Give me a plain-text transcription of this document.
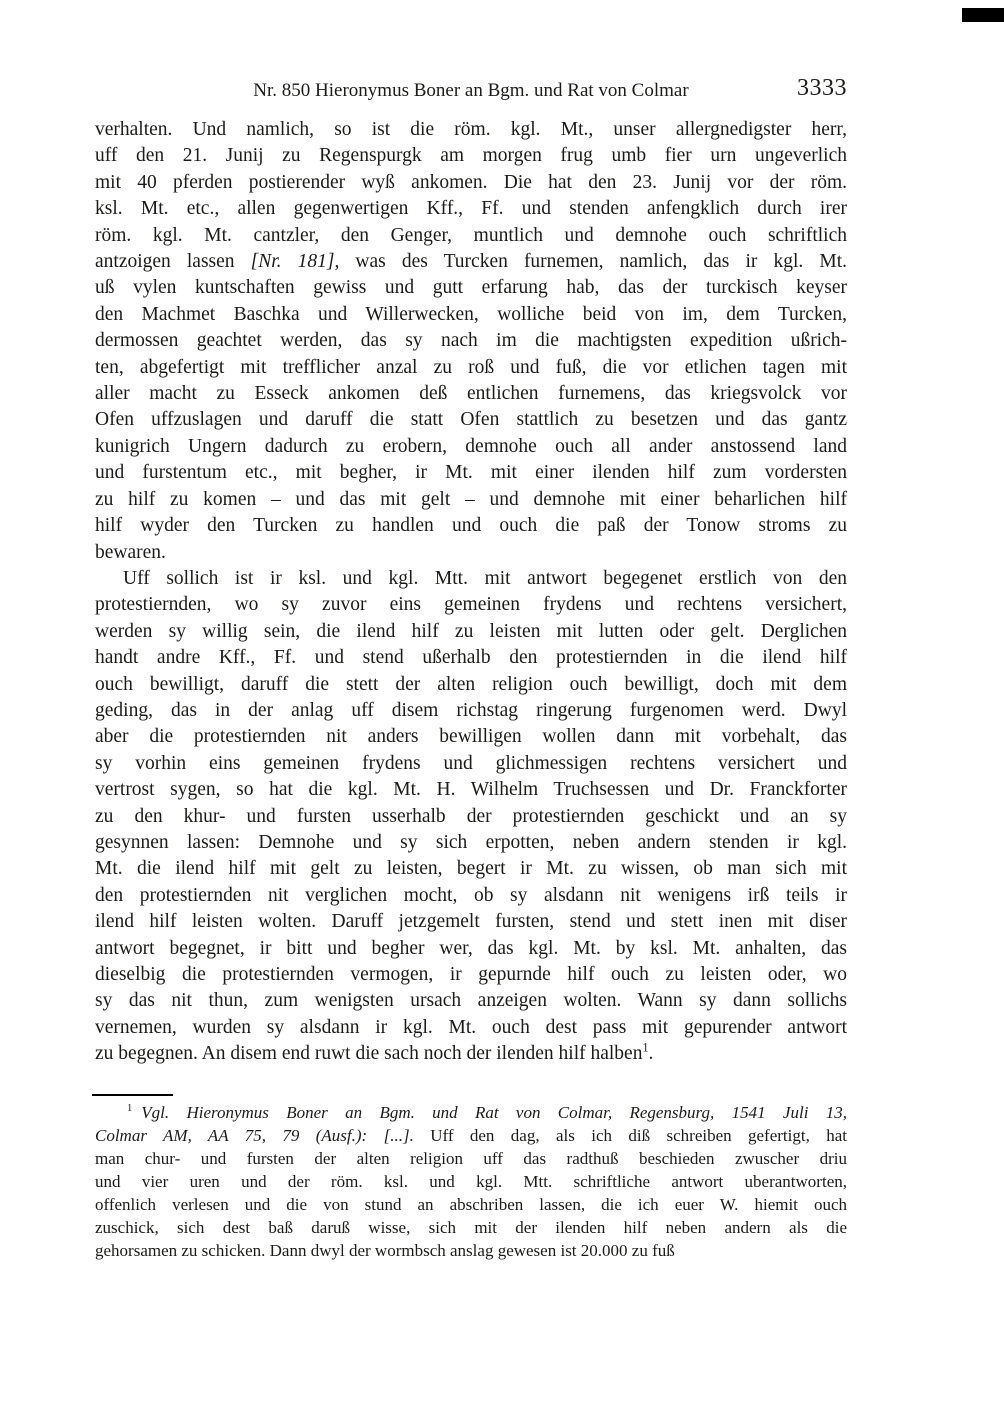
Nr. 850 Hieronymus Boner an Bgm. und Rat von Colmar	3333
verhalten. Und namlich, so ist die röm. kgl. Mt., unser allergnedigster herr,
uff den 21. Junij zu Regenspurgk am morgen frug umb fier urn ungeverlich
mit 40 pferden postierender wyß ankomen. Die hat den 23. Junij vor der röm.
ksl. Mt. etc., allen gegenwertigen Kff., Ff. und stenden anfengklich durch irer
röm. kgl. Mt. cantzler, den Genger, muntlich und demnohe ouch schriftlich
antzoigen lassen [Nr. 181], was des Turcken furnemen, namlich, das ir kgl. Mt.
uß vylen kuntschaften gewiss und gutt erfarung hab, das der turckisch keyser
den Machmet Baschka und Willerwecken, wolliche beid von im, dem Turcken,
dermossen geachtet werden, das sy nach im die machtigsten expedition ußrich-
ten, abgefertigt mit trefflicher anzal zu roß und fuß, die vor etlichen tagen mit
aller macht zu Esseck ankomen deß entlichen furnemens, das kriegsvolck vor
Ofen uffzuslagen und daruff die statt Ofen stattlich zu besetzen und das gantz
kunigrich Ungern dadurch zu erobern, demnohe ouch all ander anstossend land
und furstentum etc., mit begher, ir Mt. mit einer ilenden hilf zum vordersten
zu hilf zu komen – und das mit gelt – und demnohe mit einer beharlichen hilf
hilf wyder den Turcken zu handlen und ouch die paß der Tonow stroms zu
bewaren.
Uff sollich ist ir ksl. und kgl. Mtt. mit antwort begegenet erstlich von den
protestiernden, wo sy zuvor eins gemeinen frydens und rechtens versichert,
werden sy willig sein, die ilend hilf zu leisten mit lutten oder gelt. Derglichen
handt andre Kff., Ff. und stend ußerhalb den protestiernden in die ilend hilf
ouch bewilligt, daruff die stett der alten religion ouch bewilligt, doch mit dem
geding, das in der anlag uff disem richstag ringerung furgenomen werd. Dwyl
aber die protestiernden nit anders bewilligen wollen dann mit vorbehalt, das
sy vorhin eins gemeinen frydens und glichmessigen rechtens versichert und
vertrost sygen, so hat die kgl. Mt. H. Wilhelm Truchsessen und Dr. Franckforter
zu den khur- und fursten usserhalb der protestiernden geschickt und an sy
gesynnen lassen: Demnohe und sy sich erpotten, neben andern stenden ir kgl.
Mt. die ilend hilf mit gelt zu leisten, begert ir Mt. zu wissen, ob man sich mit
den protestiernden nit verglichen mocht, ob sy alsdann nit wenigens irß teils ir
ilend hilf leisten wolten. Daruff jetzgemelt fursten, stend und stett inen mit diser
antwort begegnet, ir bitt und begher wer, das kgl. Mt. by ksl. Mt. anhalten, das
dieselbig die protestiernden vermogen, ir gepurnde hilf ouch zu leisten oder, wo
sy das nit thun, zum wenigsten ursach anzeigen wolten. Wann sy dann sollichs
vernemen, wurden sy alsdann ir kgl. Mt. ouch dest pass mit gepurender antwort
zu begegnen. An disem end ruwt die sach noch der ilenden hilf halben$^1$.
$^1$ Vgl. Hieronymus Boner an Bgm. und Rat von Colmar, Regensburg, 1541 Juli 13,
Colmar AM, AA 75, 79 (Ausf.): [...]. Uff den dag, als ich diß schreiben gefertigt, hat
man chur- und fursten der alten religion uff das radthuß beschieden zwuscher driu
und vier uren und der röm. ksl. und kgl. Mtt. schriftliche antwort uberantworten,
offenlich verlesen und die von stund an abschriben lassen, die ich euer W. hiemit ouch
zuschick, sich dest baß daruß wisse, sich mit der ilenden hilf neben andern als die
gehorsamen zu schicken. Dann dwyl der wormbsch anslag gewesen ist 20.000 zu fuß
